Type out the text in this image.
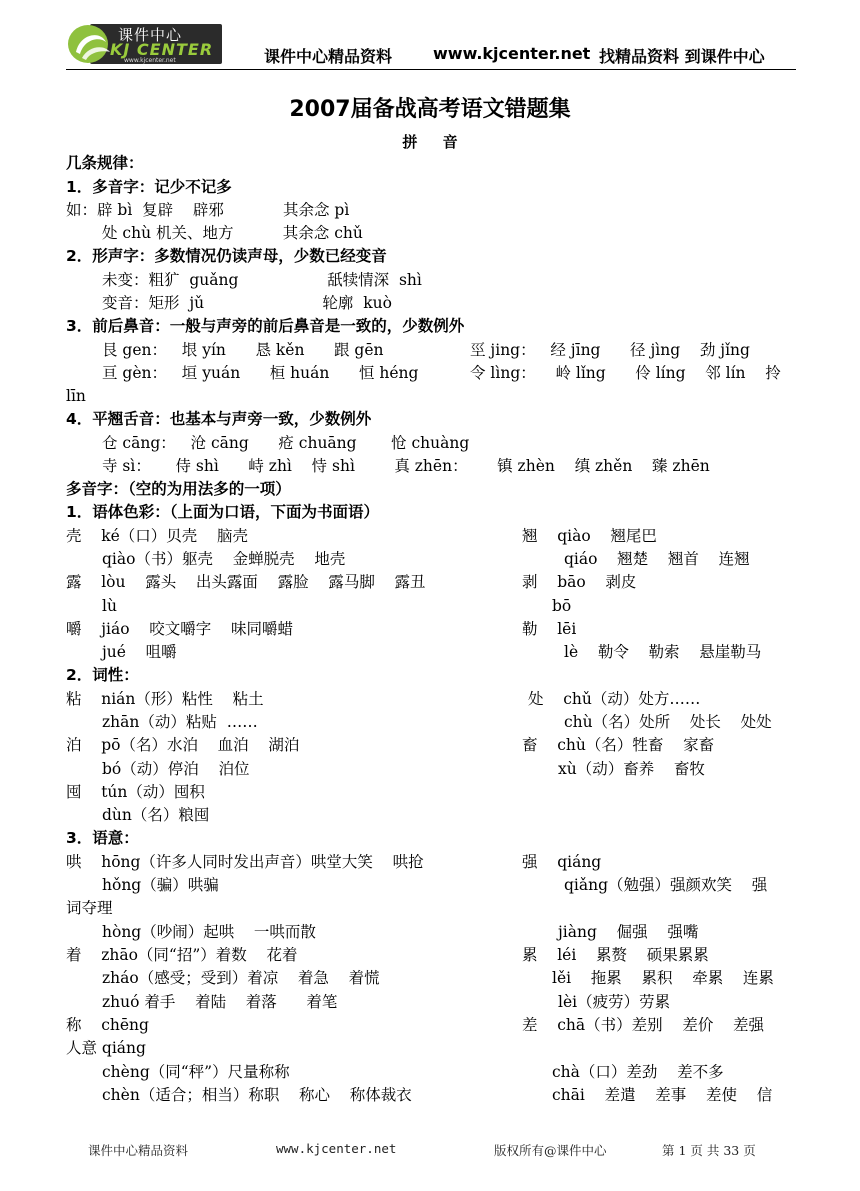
课件中心
KJ CENTER
www.kjcenter.net	课件中心精品资料	www.kjcenter.net 找精品资料 到课件中心
2007届备战高考语文错题集
拼 音
几条规律：
1．多音字：记少不记多
如：辟 bì  复辟    辟邪            其余念 pì
处 chù 机关、地方          其余念 chǔ
2．形声字：多数情况仍读声母，少数已经变音
未变：粗犷  guǎng                  舐犊情深  shì
变音：矩形  jǔ                        轮廓  kuò
3．前后鼻音：一般与声旁的前后鼻音是一致的，少数例外
艮 gen：   垠 yín      恳 kěn      跟 gēn	巠 jing：   经 jīng      径 jìng    劲 jǐng
亘 gèn：   垣 yuán      桓 huán      恒 héng	令 lìng：    岭 lǐng      伶 líng    邻 lín    拎
līn
4．平翘舌音：也基本与声旁一致，少数例外
仓 cāng：   沧 cāng      疮 chuāng       怆 chuàng
寺 sì：     侍 shì      峙 zhì    恃 shì        真 zhēn：      镇 zhèn    缜 zhěn    臻 zhēn
多音字：（空的为用法多的一项）
1．语体色彩：（上面为口语，下面为书面语）
壳    ké（口）贝壳    脑壳	翘    qiào    翘尾巴
qiào（书）躯壳    金蝉脱壳    地壳	qiáo    翘楚    翘首    连翘
露    lòu    露头    出头露面    露脸    露马脚    露丑	剥    bāo    剥皮
lù	bō
嚼    jiáo    咬文嚼字    味同嚼蜡	勒    lēi
jué    咀嚼	lè    勒令    勒索    悬崖勒马
2．词性：
粘    nián（形）粘性    粘土	处    chǔ（动）处方……
zhān（动）粘贴  ……	chù（名）处所    处长    处处
泊    pō（名）水泊    血泊    湖泊	畜    chù（名）牲畜    家畜
bó（动）停泊    泊位	xù（动）畜养    畜牧
囤    tún（动）囤积
dùn（名）粮囤
3．语意：
哄    hōng（许多人同时发出声音）哄堂大笑    哄抢	强    qiáng
hǒng（骗）哄骗	qiǎng（勉强）强颜欢笑    强
词夺理
hòng（吵闹）起哄    一哄而散	jiàng    倔强    强嘴
着    zhāo（同“招”）着数    花着	累    léi    累赘    硕果累累
zháo（感受；受到）着凉    着急    着慌	lěi    拖累    累积    牵累    连累
zhuó 着手    着陆    着落      着笔	lèi（疲劳）劳累
称    chēng	差    chā（书）差别    差价    差强
人意 qiáng
chèng（同“秤”）尺量称称	chà（口）差劲    差不多
chèn（适合；相当）称职    称心    称体裁衣	chāi    差遣    差事    差使    信
课件中心精品资料	www.kjcenter.net	版权所有@课件中心	第 1 页 共 33 页
